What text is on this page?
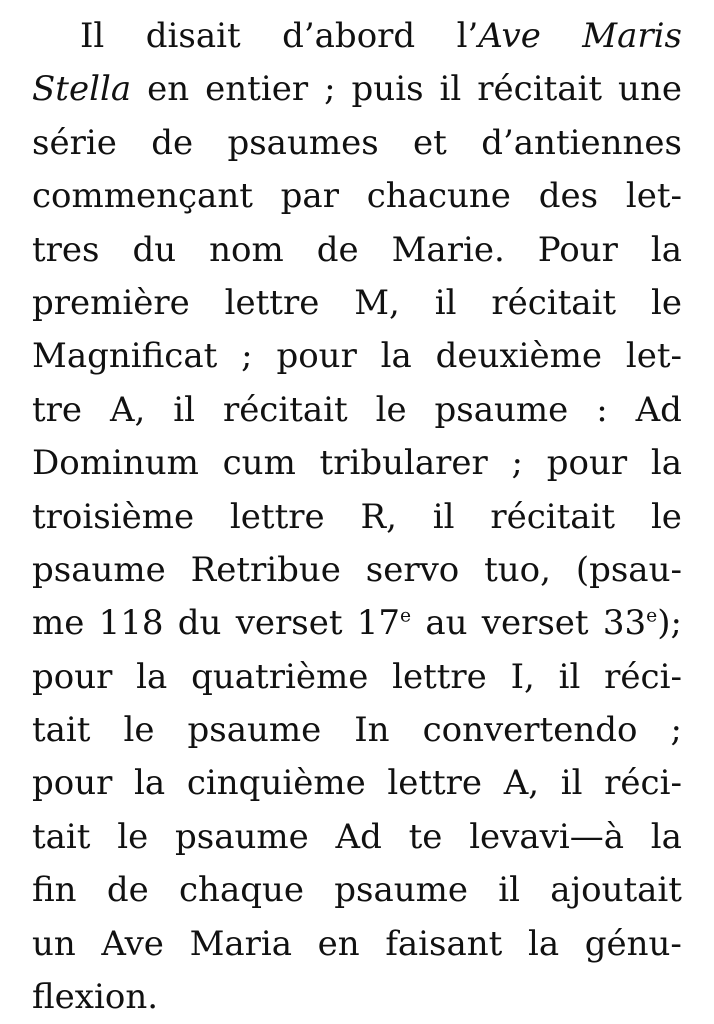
Il disait d’abord l’Ave Maris
Stella en entier ; puis il récitait une
série de psaumes et d’antiennes
commençant par chacune des let-
tres du nom de Marie. Pour la
première lettre M, il récitait le
Magnificat ; pour la deuxième let-
tre A, il récitait le psaume : Ad
Dominum cum tribularer ; pour la
troisième lettre R, il récitait le
psaume Retribue servo tuo, (psau-
me 118 du verset 17e au verset 33e);
pour la quatrième lettre I, il réci-
tait le psaume In convertendo ;
pour la cinquième lettre A, il réci-
tait le psaume Ad te levavi—à la
fin de chaque psaume il ajoutait
un Ave Maria en faisant la génu-
flexion.
